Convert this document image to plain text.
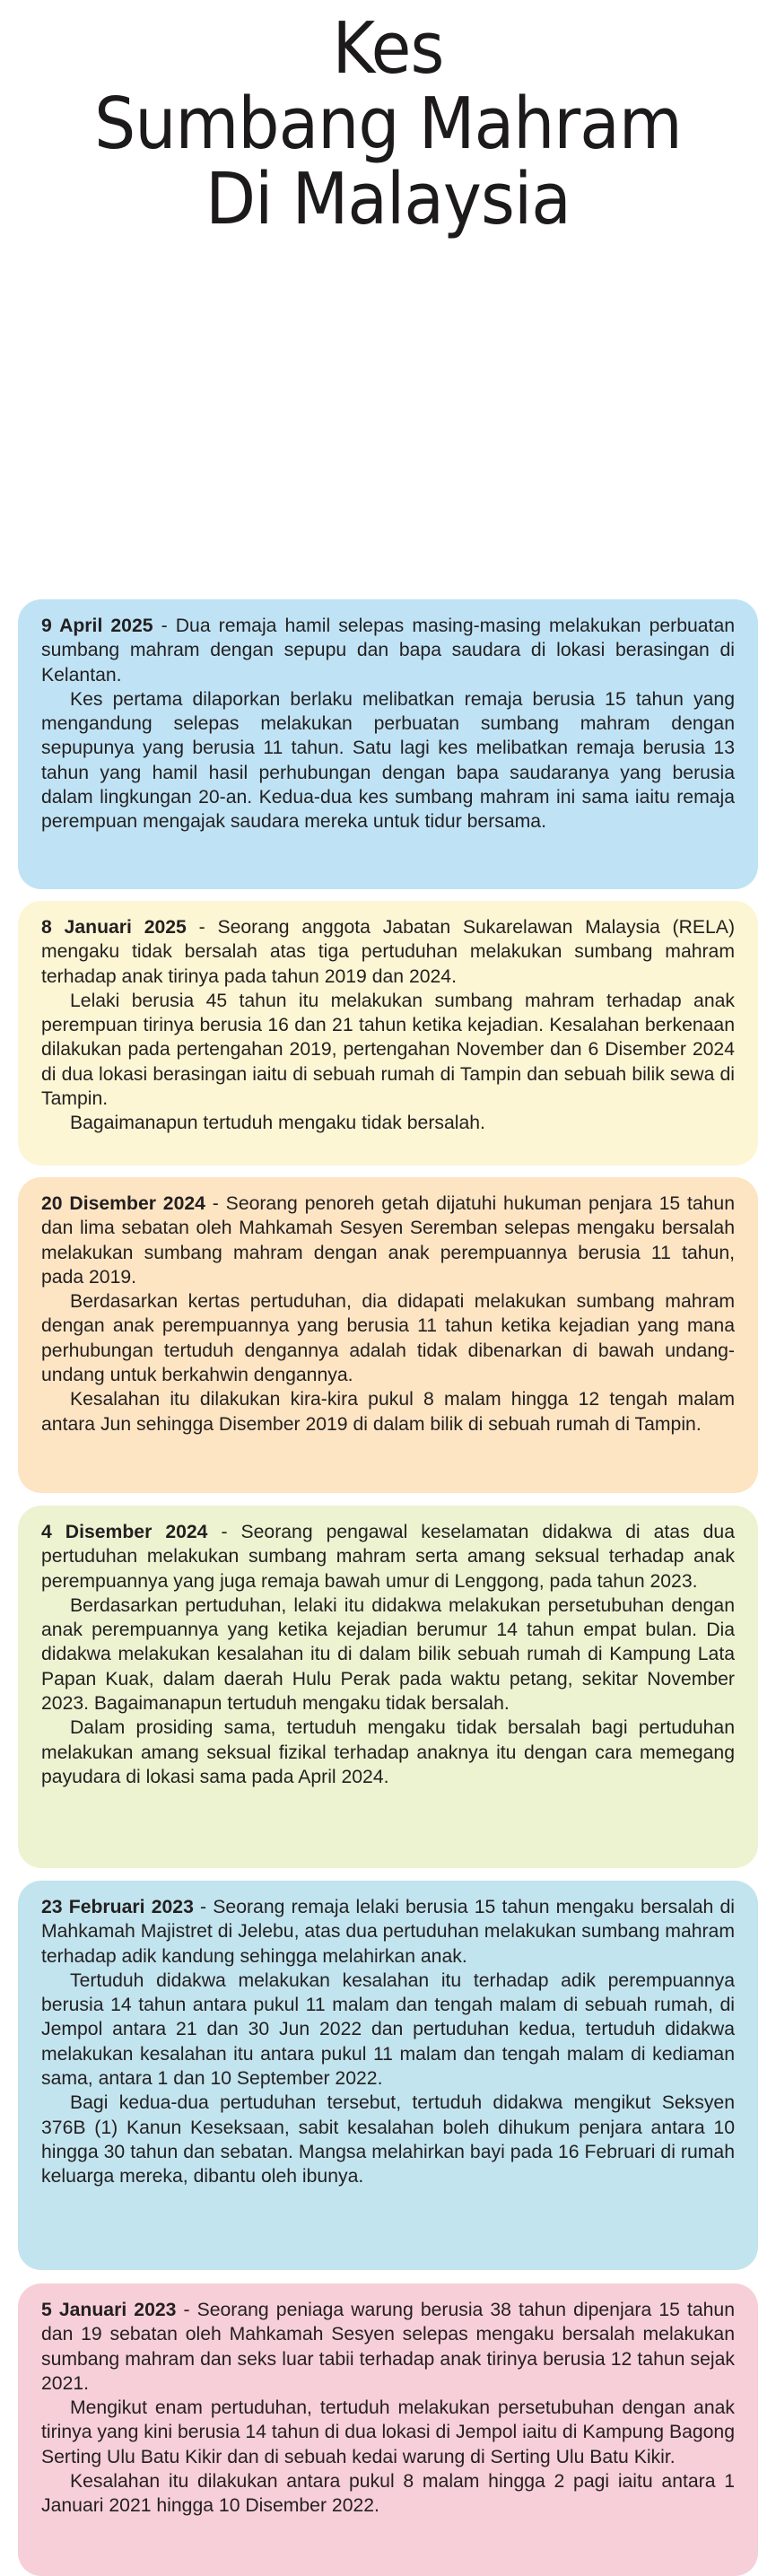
Kes
Sumbang Mahram
Di Malaysia

9 April 2025 - Dua remaja hamil selepas masing-masing melakukan perbuatan sumbang mahram dengan sepupu dan bapa saudara di lokasi berasingan di Kelantan.

Kes pertama dilaporkan berlaku melibatkan remaja berusia 15 tahun yang mengandung selepas melakukan perbuatan sumbang mahram dengan sepupunya yang berusia 11 tahun. Satu lagi kes melibatkan remaja berusia 13 tahun yang hamil hasil perhubungan dengan bapa saudaranya yang berusia dalam lingkungan 20-an. Kedua-dua kes sumbang mahram ini sama iaitu remaja perempuan mengajak saudara mereka untuk tidur bersama.

8 Januari 2025 - Seorang anggota Jabatan Sukarelawan Malaysia (RELA) mengaku tidak bersalah atas tiga pertuduhan melakukan sumbang mahram terhadap anak tirinya pada tahun 2019 dan 2024.

Lelaki berusia 45 tahun itu melakukan sumbang mahram terhadap anak perempuan tirinya berusia 16 dan 21 tahun ketika kejadian. Kesalahan berkenaan dilakukan pada pertengahan 2019, pertengahan November dan 6 Disember 2024 di dua lokasi berasingan iaitu di sebuah rumah di Tampin dan sebuah bilik sewa di Tampin.

Bagaimanapun tertuduh mengaku tidak bersalah.

20 Disember 2024 - Seorang penoreh getah dijatuhi hukuman penjara 15 tahun dan lima sebatan oleh Mahkamah Sesyen Seremban selepas mengaku bersalah melakukan sumbang mahram dengan anak perempuannya berusia 11 tahun, pada 2019.

Berdasarkan kertas pertuduhan, dia didapati melakukan sumbang mahram dengan anak perempuannya yang berusia 11 tahun ketika kejadian yang mana perhubungan tertuduh dengannya adalah tidak dibenarkan di bawah undang-undang untuk berkahwin dengannya.

Kesalahan itu dilakukan kira-kira pukul 8 malam hingga 12 tengah malam antara Jun sehingga Disember 2019 di dalam bilik di sebuah rumah di Tampin.

4 Disember 2024 - Seorang pengawal keselamatan didakwa di atas dua pertuduhan melakukan sumbang mahram serta amang seksual terhadap anak perempuannya yang juga remaja bawah umur di Lenggong, pada tahun 2023.

Berdasarkan pertuduhan, lelaki itu didakwa melakukan persetubuhan dengan anak perempuannya yang ketika kejadian berumur 14 tahun empat bulan. Dia didakwa melakukan kesalahan itu di dalam bilik sebuah rumah di Kampung Lata Papan Kuak, dalam daerah Hulu Perak pada waktu petang, sekitar November 2023. Bagaimanapun tertuduh mengaku tidak bersalah.

Dalam prosiding sama, tertuduh mengaku tidak bersalah bagi pertuduhan melakukan amang seksual fizikal terhadap anaknya itu dengan cara memegang payudara di lokasi sama pada April 2024.

23 Februari 2023 - Seorang remaja lelaki berusia 15 tahun mengaku bersalah di Mahkamah Majistret di Jelebu, atas dua pertuduhan melakukan sumbang mahram terhadap adik kandung sehingga melahirkan anak.

Tertuduh didakwa melakukan kesalahan itu terhadap adik perempuannya berusia 14 tahun antara pukul 11 malam dan tengah malam di sebuah rumah, di Jempol antara 21 dan 30 Jun 2022 dan pertuduhan kedua, tertuduh didakwa melakukan kesalahan itu antara pukul 11 malam dan tengah malam di kediaman sama, antara 1 dan 10 September 2022.

Bagi kedua-dua pertuduhan tersebut, tertuduh didakwa mengikut Seksyen 376B (1) Kanun Keseksaan, sabit kesalahan boleh dihukum penjara antara 10 hingga 30 tahun dan sebatan. Mangsa melahirkan bayi pada 16 Februari di rumah keluarga mereka, dibantu oleh ibunya.

5 Januari 2023 - Seorang peniaga warung berusia 38 tahun dipenjara 15 tahun dan 19 sebatan oleh Mahkamah Sesyen selepas mengaku bersalah melakukan sumbang mahram dan seks luar tabii terhadap anak tirinya berusia 12 tahun sejak 2021.

Mengikut enam pertuduhan, tertuduh melakukan persetubuhan dengan anak tirinya yang kini berusia 14 tahun di dua lokasi di Jempol iaitu di Kampung Bagong Serting Ulu Batu Kikir dan di sebuah kedai warung di Serting Ulu Batu Kikir.

Kesalahan itu dilakukan antara pukul 8 malam hingga 2 pagi iaitu antara 1 Januari 2021 hingga 10 Disember 2022.
